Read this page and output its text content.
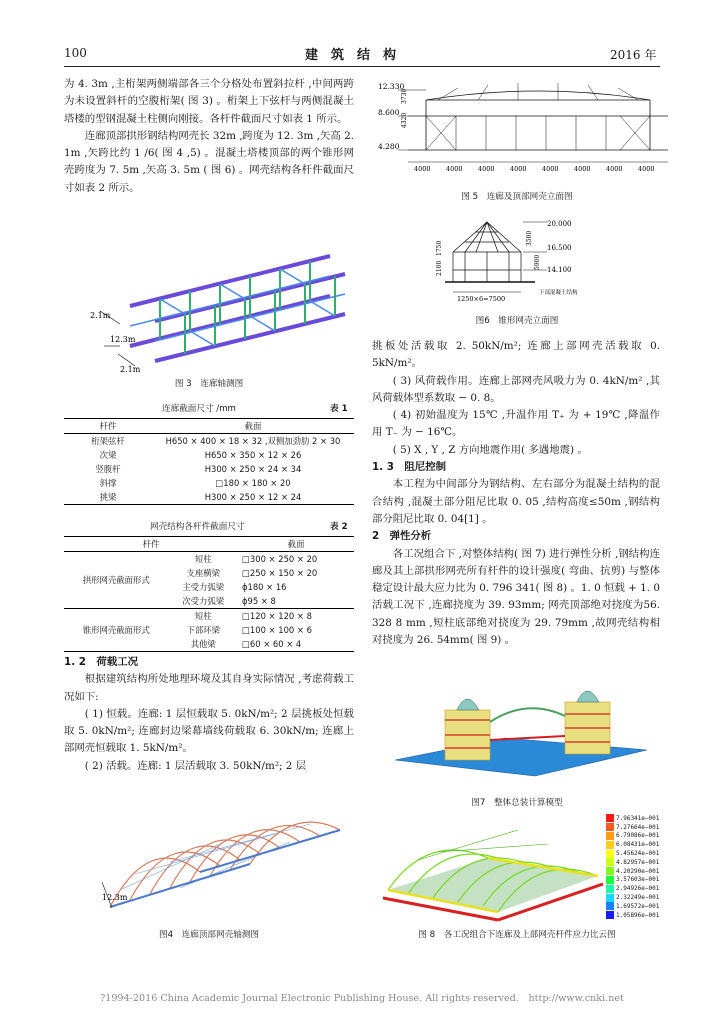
100	建　筑　结　构	2016 年

为 4. 3m ,主桁架两侧端部各三个分格处布置斜拉杆 ,中间两跨为未设置斜杆的空腹桁架( 图 3) 。桁架上下弦杆与两侧混凝土塔楼的型钢混凝土柱侧向刚接。各杆件截面尺寸如表 1 所示。

连廊顶部拱形钢结构网壳长 32m ,跨度为 12. 3m ,矢高 2. 1m ,矢跨比约 1 /6( 图 4 ,5) 。混凝土塔楼顶部的两个锥形网壳跨度为 7. 5m ,矢高 3. 5m ( 图 6) 。网壳结构各杆件截面尺寸如表 2 所示。

2.1m
12.3m
2.1m
图 3　连廊轴测图
连廊截面尺寸 /mm	表 1
杆件	截面
桁架弦杆	H650 × 400 × 18 × 32 ,双侧加劲肋 2 × 30
次梁	H650 × 350 × 12 × 26
竖腹杆	H300 × 250 × 24 × 34
斜撑	□180 × 180 × 20
挑梁	H300 × 250 × 12 × 24
网壳结构各杆件截面尺寸	表 2
杆件		截面
拱形网壳截面形式	短柱	□300 × 250 × 20
	支座横梁	□250 × 150 × 20
	主受力弧梁	ϕ180 × 16
	次受力弧梁	ϕ95 × 8
锥形网壳截面形式	短柱	□120 × 120 × 8
	下部环梁	□100 × 100 × 6
	其他梁	□60 × 60 × 4

1. 2　荷载工况

根据建筑结构所处地理环境及其自身实际情况 ,考虑荷载工况如下:

( 1) 恒载。连廊: 1 层恒载取 5. 0kN/m²; 2 层挑板处恒载取 5. 0kN/m²; 连廊封边梁幕墙线荷载取 6. 30kN/m; 连廊上部网壳恒载取 1. 5kN/m²。

( 2) 活载。连廊: 1 层活载取 3. 50kN/m²; 2 层

12.3m
图4　连廊顶部网壳轴测图
12.330
8.600
4.280
4320
3730
4000 4000 4000 4000 4000 4000 4000 4000
图 5　连廊及顶部网壳立面图
20.000
16.500
14.100
2100
1750
3500
5900
1250×6=7500
下部混凝土结构
图6　锥形网壳立面图

挑板处活载取 2. 50kN/m²; 连廊上部网壳活载取 0. 5kN/m²。

( 3) 风荷载作用。连廊上部网壳风吸力为 0. 4kN/m² ,其风荷载体型系数取 − 0. 8。

( 4) 初始温度为 15℃ ,升温作用 T₊ 为 + 19℃ ,降温作用 T₋ 为 − 16℃。

( 5) X , Y , Z 方向地震作用( 多遇地震) 。

1. 3　阻尼控制

本工程为中间部分为钢结构、左右部分为混凝土结构的混合结构 ,混凝土部分阻尼比取 0. 05 ,结构高度≤50m ,钢结构部分阻尼比取 0. 04[1] 。

2　弹性分析

各工况组合下 ,对整体结构( 图 7) 进行弹性分析 ,钢结构连廊及其上部拱形网壳所有杆件的设计强度( 弯曲、抗剪) 与整体稳定设计最大应力比为 0. 796 341( 图 8) 。1. 0 恒载 + 1. 0 活载工况下 ,连廊挠度为 39. 93mm; 网壳顶部绝对挠度为56. 328 8 mm ,短柱底部绝对挠度为 29. 79mm ,故网壳结构相对挠度为 26. 54mm( 图 9) 。

图7　整体总装计算模型
7.96341e−001
7.27664e−001
6.79086e−001
6.08431e−001
5.45624e−001
4.82957e−001
4.20290e−001
3.57603e−001
2.94926e−001
2.32249e−001
1.69572e−001
1.05896e−001
图 8　各工况组合下连廊及上部网壳杆件应力比云图
?1994-2016 China Academic Journal Electronic Publishing House. All rights reserved.　http://www.cnki.net
